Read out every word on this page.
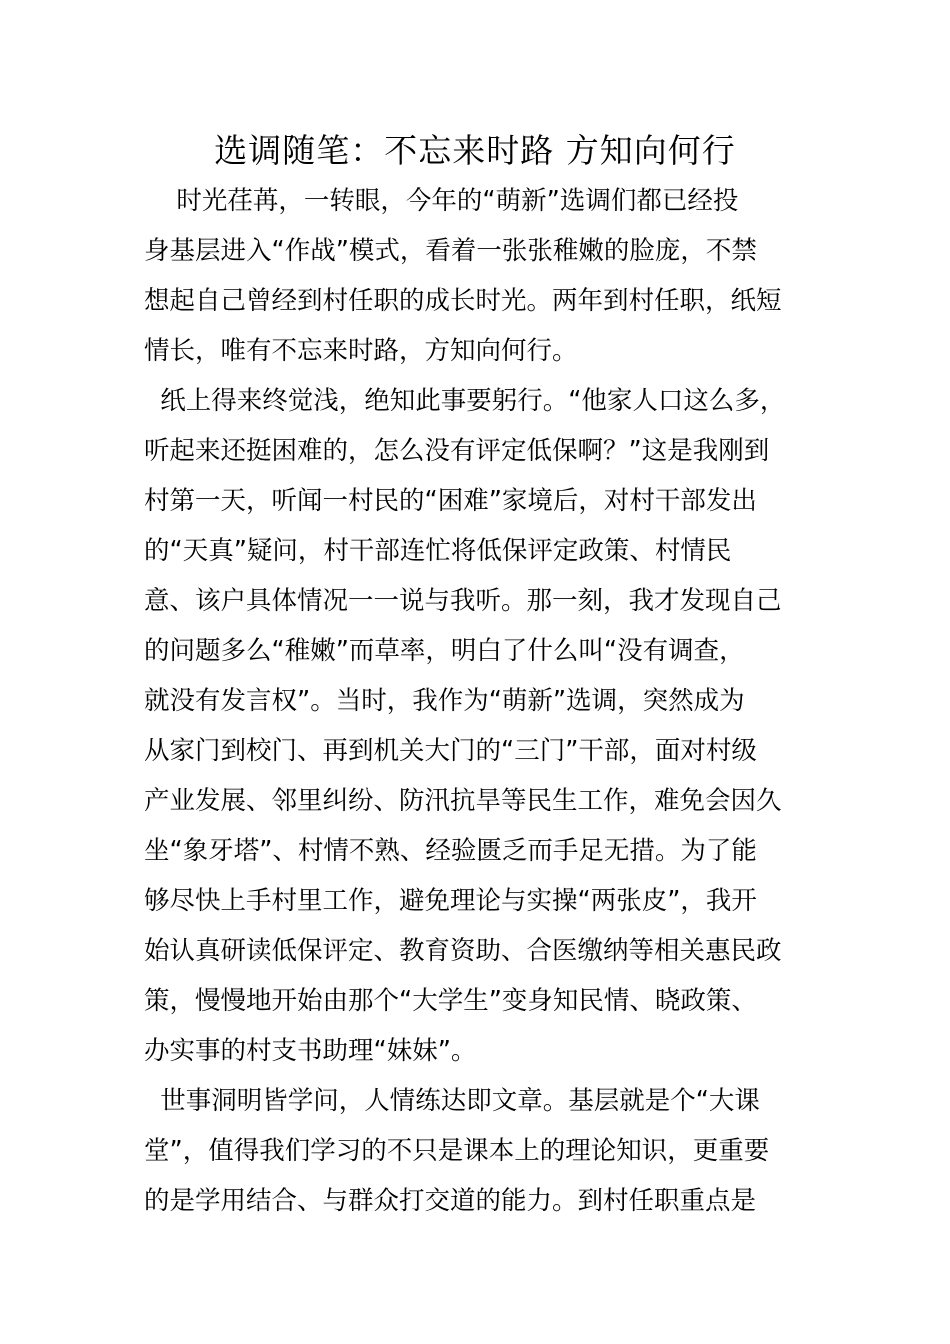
选调随笔：不忘来时路 方知向何行
时光荏苒，一转眼，今年的“萌新”选调们都已经投
身基层进入“作战”模式，看着一张张稚嫩的脸庞，不禁
想起自己曾经到村任职的成长时光。两年到村任职，纸短
情长，唯有不忘来时路，方知向何行。
纸上得来终觉浅，绝知此事要躬行。“他家人口这么多，
听起来还挺困难的，怎么没有评定低保啊？”这是我刚到
村第一天，听闻一村民的“困难”家境后，对村干部发出
的“天真”疑问，村干部连忙将低保评定政策、村情民
意、该户具体情况一一说与我听。那一刻，我才发现自己
的问题多么“稚嫩”而草率，明白了什么叫“没有调查，
就没有发言权”。当时，我作为“萌新”选调，突然成为
从家门到校门、再到机关大门的“三门”干部，面对村级
产业发展、邻里纠纷、防汛抗旱等民生工作，难免会因久
坐“象牙塔”、村情不熟、经验匮乏而手足无措。为了能
够尽快上手村里工作，避免理论与实操“两张皮”，我开
始认真研读低保评定、教育资助、合医缴纳等相关惠民政
策，慢慢地开始由那个“大学生”变身知民情、晓政策、
办实事的村支书助理“妹妹”。
世事洞明皆学问，人情练达即文章。基层就是个“大课
堂”，值得我们学习的不只是课本上的理论知识，更重要
的是学用结合、与群众打交道的能力。到村任职重点是
